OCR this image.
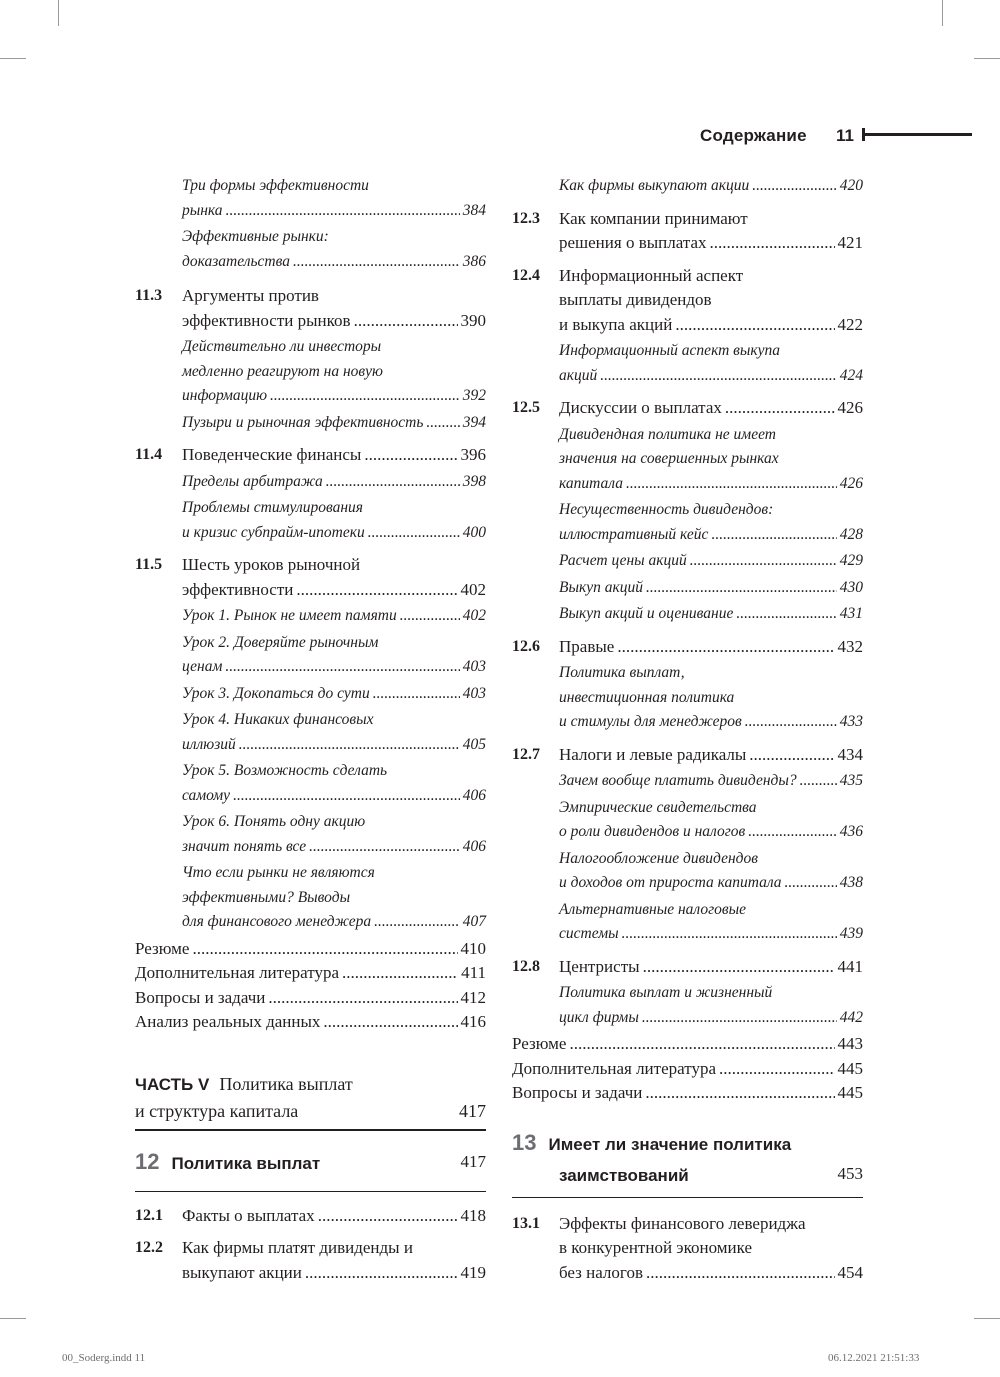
Содержание 11
Три формы эффективности
рынка .....	384
Эффективные рынки:
доказательства .....	386
11.3 Аргументы против
эффективности рынков .....	390
Действительно ли инвесторы
медленно реагируют на новую
информацию .....	392
Пузыри и рыночная эффективность .....	394
11.4 Поведенческие финансы .....	396
Пределы арбитража .....	398
Проблемы стимулирования
и кризис субпрайм-ипотеки .....	400
11.5 Шесть уроков рыночной
эффективности .....	402
Урок 1. Рынок не имеет памяти .....	402
Урок 2. Доверяйте рыночным
ценам .....	403
Урок 3. Докопаться до сути .....	403
Урок 4. Никаких финансовых
иллюзий .....	405
Урок 5. Возможность сделать
самому .....	406
Урок 6. Понять одну акцию
значит понять все .....	406
Что если рынки не являются
эффективными? Выводы
для финансового менеджера .....	407
Резюме .....	410
Дополнительная литература .....	411
Вопросы и задачи .....	412
Анализ реальных данных .....	416
ЧАСТЬ V Политика выплат
и структура капитала	417
12 Политика выплат	417
12.1 Факты о выплатах .....	418
12.2 Как фирмы платят дивиденды и
выкупают акции .....	419
Как фирмы выкупают акции .....	420
12.3 Как компании принимают
решения о выплатах .....	421
12.4 Информационный аспект
выплаты дивидендов
и выкупа акций .....	422
Информационный аспект выкупа
акций .....	424
12.5 Дискуссии о выплатах .....	426
Дивидендная политика не имеет
значения на совершенных рынках
капитала .....	426
Несущественность дивидендов:
иллюстративный кейс .....	428
Расчет цены акций .....	429
Выкуп акций .....	430
Выкуп акций и оценивание .....	431
12.6 Правые .....	432
Политика выплат,
инвестиционная политика
и стимулы для менеджеров .....	433
12.7 Налоги и левые радикалы .....	434
Зачем вообще платить дивиденды? .....	435
Эмпирические свидетельства
о роли дивидендов и налогов .....	436
Налогообложение дивидендов
и доходов от прироста капитала .....	438
Альтернативные налоговые
системы .....	439
12.8 Центристы .....	441
Политика выплат и жизненный
цикл фирмы .....	442
Резюме .....	443
Дополнительная литература .....	445
Вопросы и задачи .....	445
13 Имеет ли значение политика
заимствований	453
13.1 Эффекты финансового левериджа
в конкурентной экономике
без налогов .....	454
00_Soderg.indd 11	06.12.2021 21:51:33
